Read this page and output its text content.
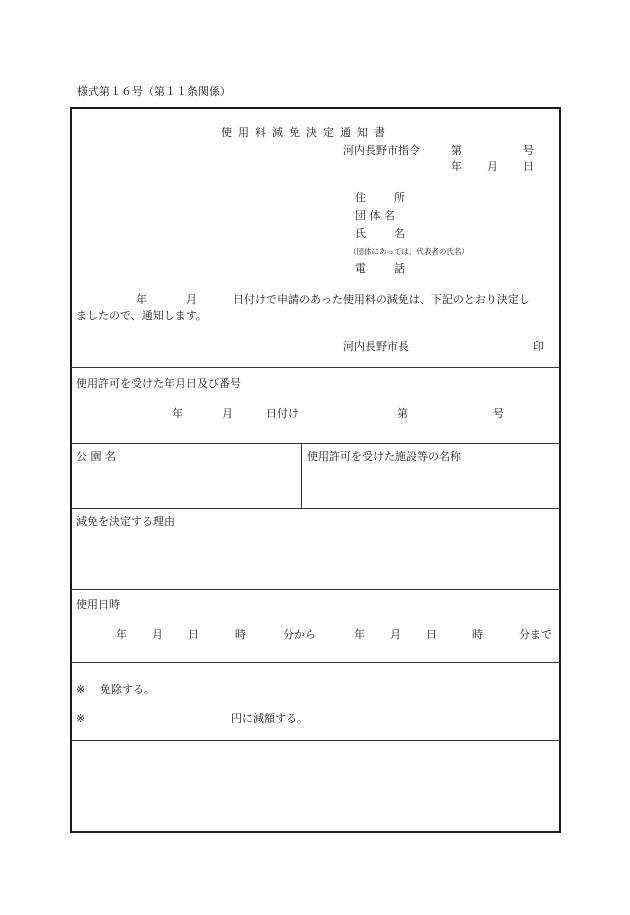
様式第１６号（第１１条関係）
使用料減免決定通知書
河内長野市指令	第	号
年 月 日
住　　所
団 体 名
氏　　名
（団体にあっては、代表者の氏名）
電　　話
年	月	日付けで申請のあった使用料の減免は、下記のとおり決定し
ましたので、通知します。
河内長野市長	印
使用許可を受けた年月日及び番号
年	月	日付け	第	号
公 園 名	使用許可を受けた施設等の名称
減免を決定する理由
使用日時
年 月 日	時	分から	年 月 日	時	分まで
※ 免除する。
※	円に減額する。
